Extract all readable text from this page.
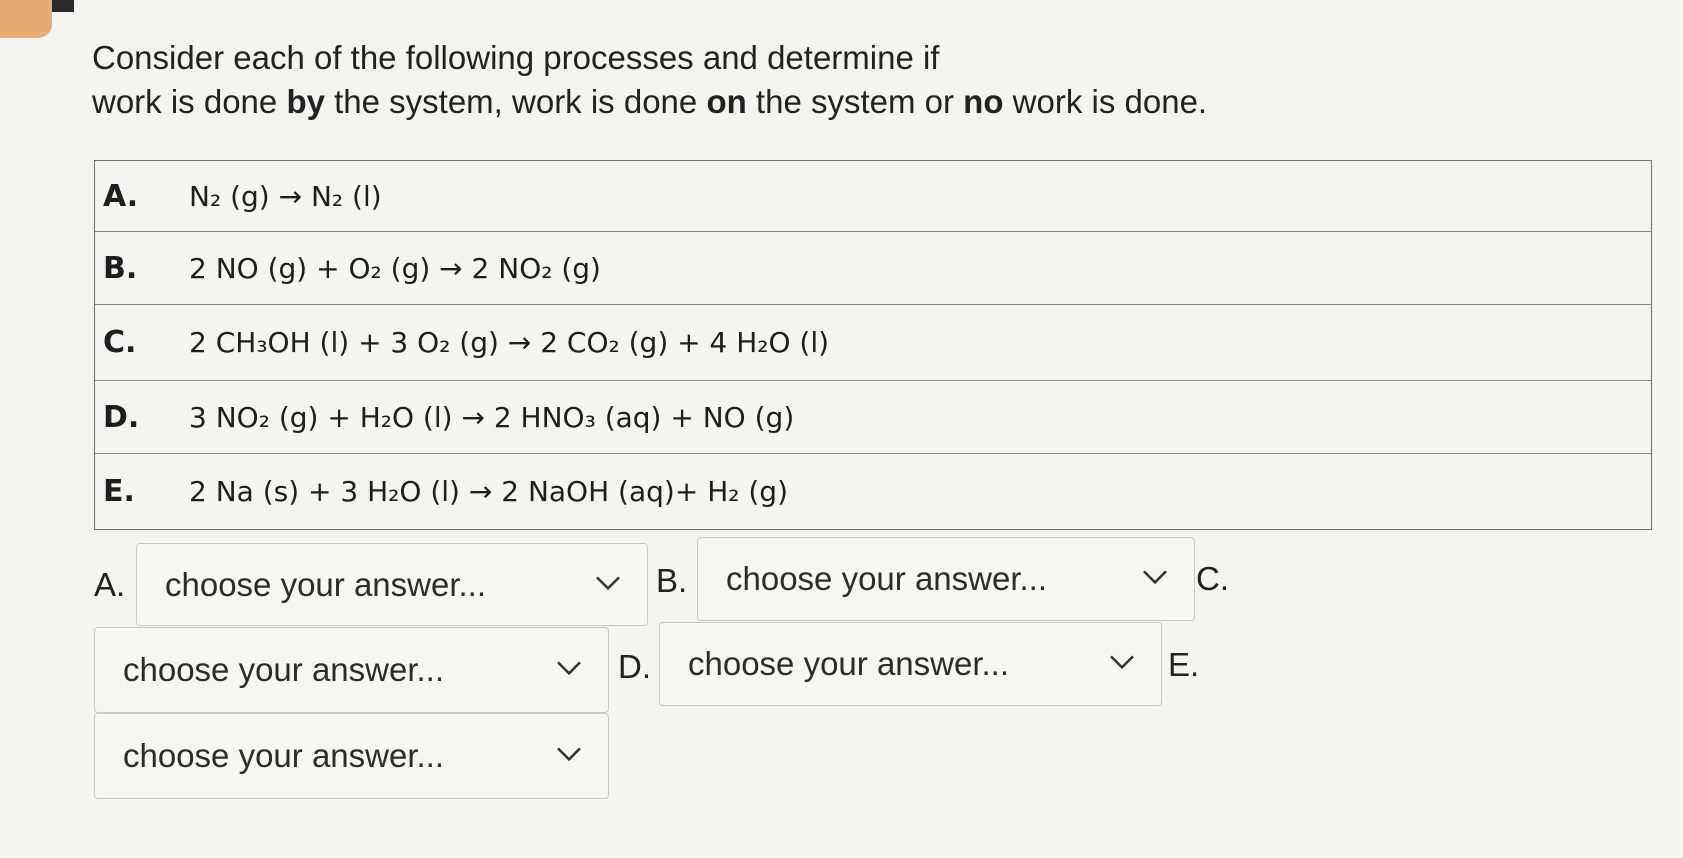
Consider each of the following processes and determine if
work is done by the system, work is done on the system or no work is done.
A.	N₂ (g) → N₂ (l)
B.	2 NO (g) + O₂ (g) → 2 NO₂ (g)
C.	2 CH₃OH (l) + 3 O₂ (g) → 2 CO₂ (g) + 4 H₂O (l)
D.	3 NO₂ (g) + H₂O (l) → 2 HNO₃ (aq) + NO (g)
E.	2 Na (s) + 3 H₂O (l) → 2 NaOH (aq)+ H₂ (g)
A. choose your answer...	B. choose your answer...	C.
choose your answer...	D. choose your answer...	E.
choose your answer...
